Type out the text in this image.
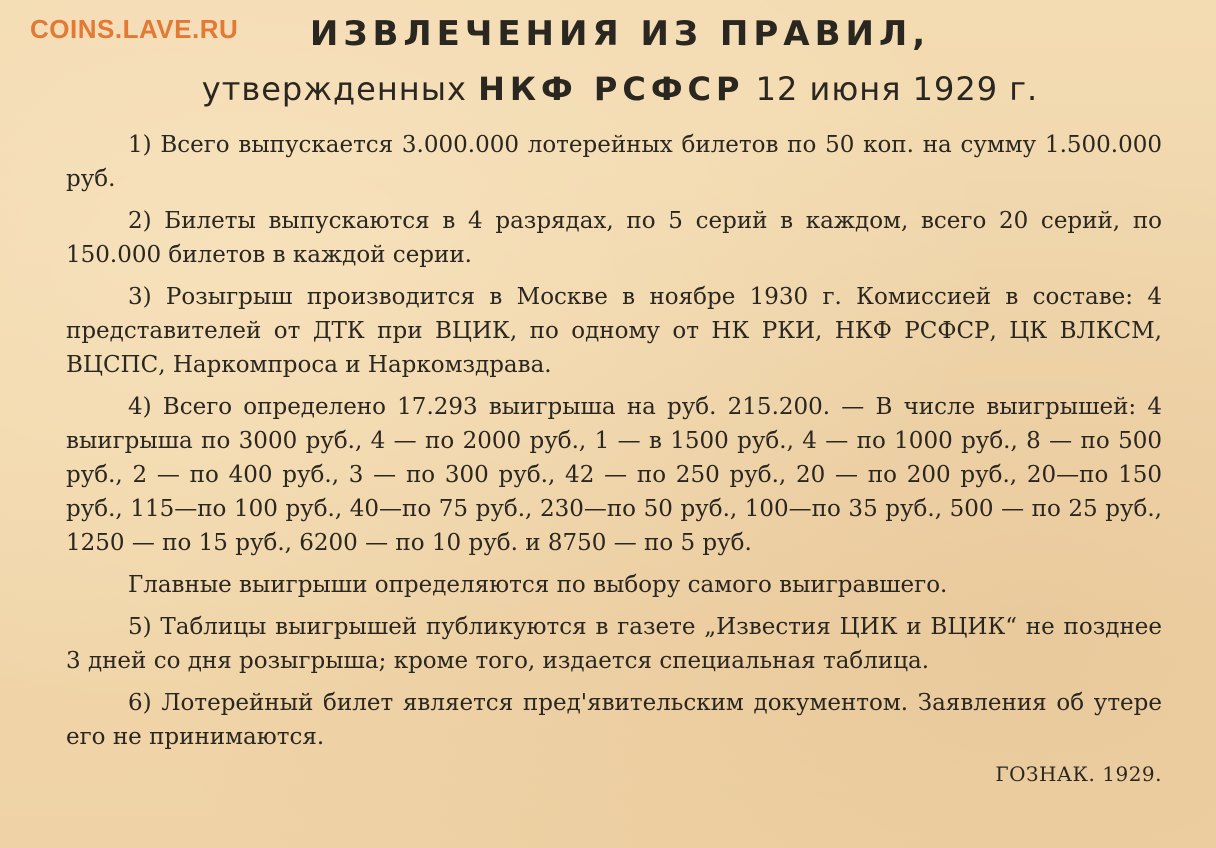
COINS.LAVE.RU	ИЗВЛЕЧЕНИЯ ИЗ ПРАВИЛ,
утвержденных НКФ РСФСР 12 июня 1929 г.

1) Всего выпускается 3.000.000 лотерейных билетов по 50 коп. на сумму 1.500.000 руб.

2) Билеты выпускаются в 4 разрядах, по 5 серий в каждом, всего 20 серий, по 150.000 билетов в каждой серии.

3) Розыгрыш производится в Москве в ноябре 1930 г. Комиссией в составе: 4 представителей от ДТК при ВЦИК, по одному от НК РКИ, НКФ РСФСР, ЦК ВЛКСМ, ВЦСПС, Наркомпроса и Наркомздрава.

4) Всего определено 17.293 выигрыша на руб. 215.200. — В числе выигрышей: 4 выигрыша по 3000 руб., 4 — по 2000 руб., 1 — в 1500 руб., 4 — по 1000 руб., 8 — по 500 руб., 2 — по 400 руб., 3 — по 300 руб., 42 — по 250 руб., 20 — по 200 руб., 20—по 150 руб., 115—по 100 руб., 40—по 75 руб., 230—по 50 руб., 100—по 35 руб., 500 — по 25 руб., 1250 — по 15 руб., 6200 — по 10 руб. и 8750 — по 5 руб.

Главные выигрыши определяются по выбору самого выигравшего.

5) Таблицы выигрышей публикуются в газете „Известия ЦИК и ВЦИК“ не позднее 3 дней со дня розыгрыша; кроме того, издается специальная таблица.

6) Лотерейный билет является пред'явительским документом. Заявления об утере его не принимаются.

ГОЗНАК. 1929.
